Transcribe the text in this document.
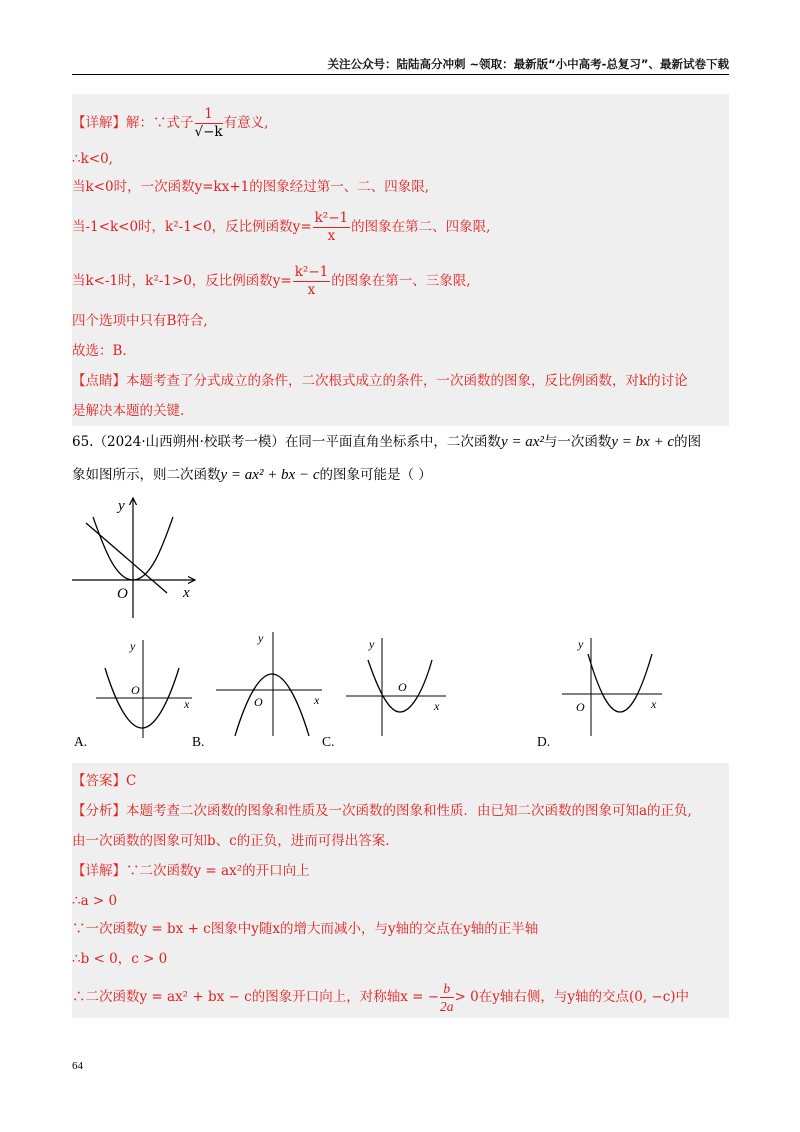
关注公众号：陆陆高分冲刺 ~领取：最新版“小中高考-总复习”、最新试卷下载
【详解】解：∵式子 $\frac{1}{√-k}$ 有意义,
∴k<0,
当k<0时，一次函数y=kx+1的图象经过第一、二、四象限,
当-1<k<0时，k²-1<0，反比例函数$y= \frac{\text{k²−1}}{x}$ 的图象在第二、四象限,
当k<-1时，k²-1>0，反比例函数$y= \frac{\text{k²−1}}{x}$ 的图象在第一、三象限,
四个选项中只有B符合,
故选：B.
【点睛】本题考查了分式成立的条件，二次根式成立的条件，一次函数的图象，反比例函数，对k的讨论
是解决本题的关键.
65.（2024·山西朔州·校联考一模）在同一平面直角坐标系中，二次函数y = ax²与一次函数y = bx + c的图
象如图所示，则二次函数y = ax² + bx − c的图象可能是（ ）
x
y
O
y
O
x
A.
y
O	x
B.
y
O
x
C.
y
O	x
D.
【答案】C
【分析】本题考查二次函数的图象和性质及一次函数的图象和性质．由已知二次函数的图象可知a的正负,
由一次函数的图象可知b、c的正负，进而可得出答案.
【详解】∵二次函数y = ax²的开口向上
∴a > 0
∵一次函数y = bx + c图象中y随x的增大而减小，与y轴的交点在y轴的正半轴
∴b < 0，c > 0
∴二次函数y = ax² + bx − c的图象开口向上，对称轴x = − $\frac{b}{2a} > 0$在y轴右侧，与y轴的交点(0, −c)中
64
